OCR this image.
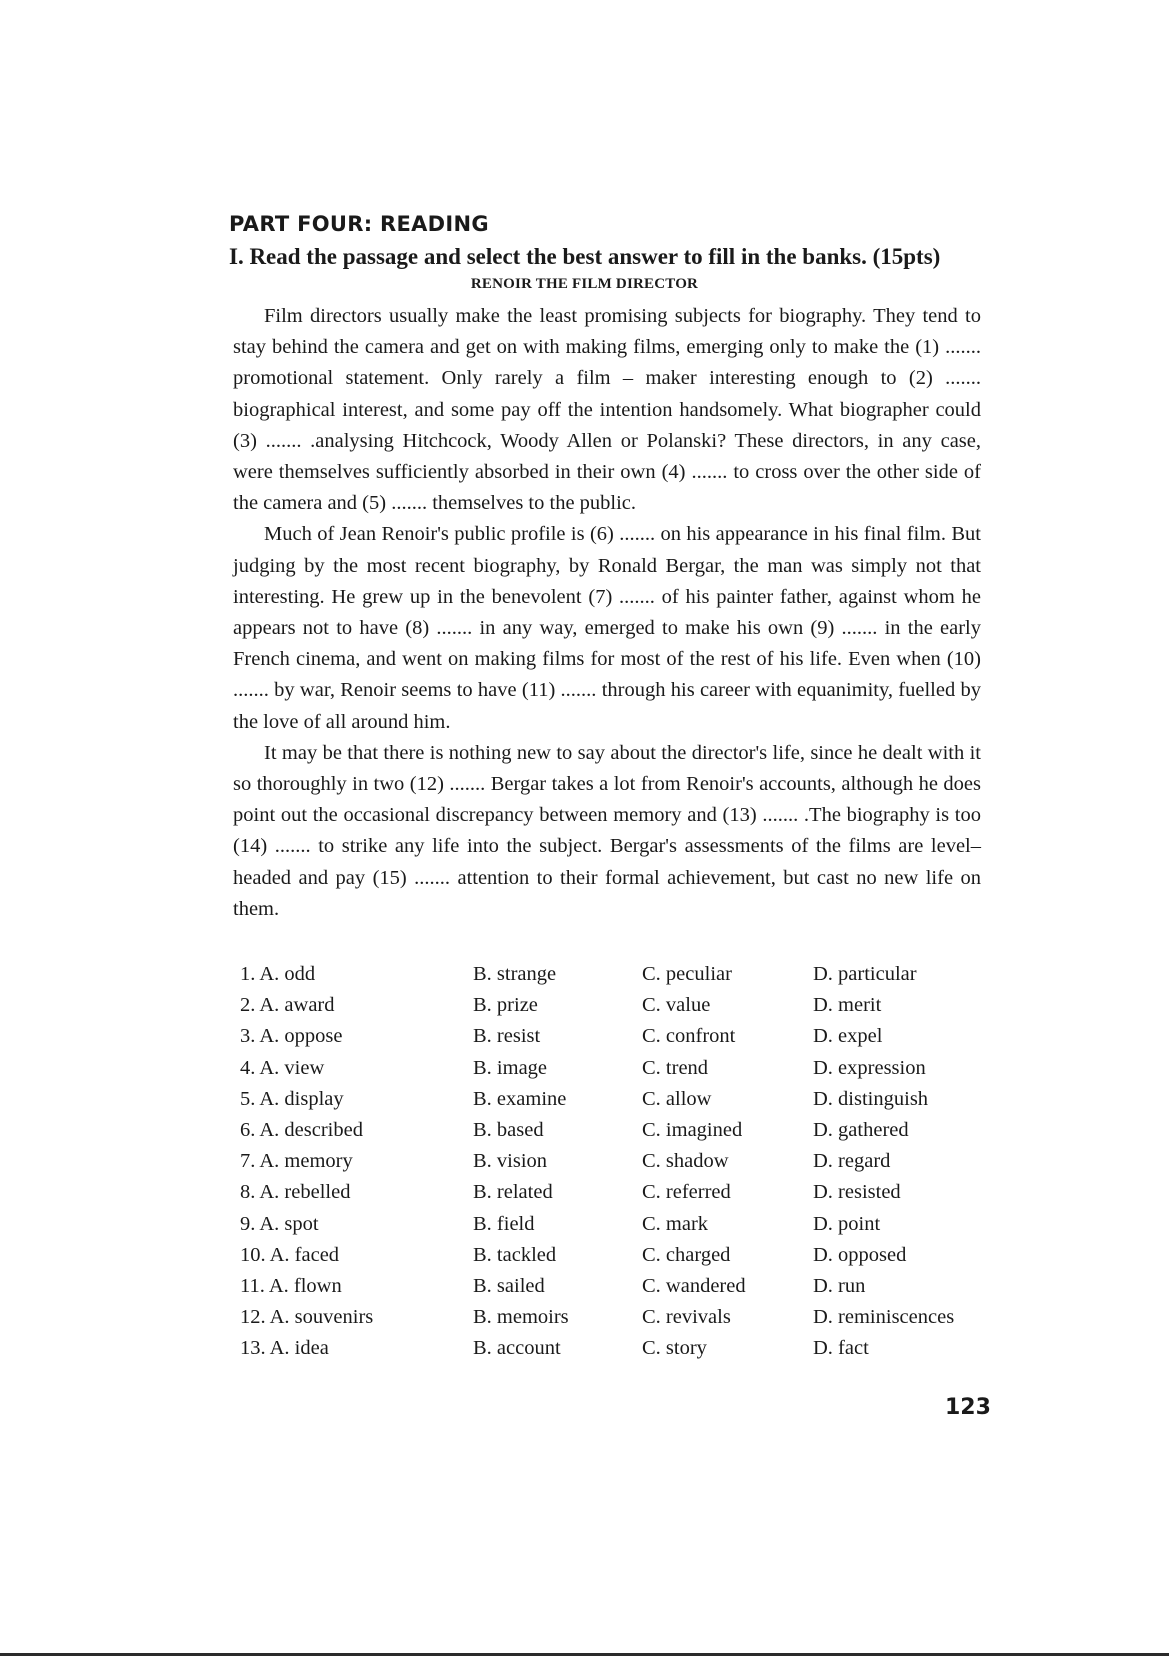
PART FOUR: READING
I. Read the passage and select the best answer to fill in the banks. (15pts)
RENOIR THE FILM DIRECTOR

Film directors usually make the least promising subjects for biography. They tend to stay behind the camera and get on with making films, emerging only to make the (1) ....... promotional statement. Only rarely a film – maker interesting enough to (2) ....... biographical interest, and some pay off the intention handsomely. What biographer could (3) ....... .analysing Hitchcock, Woody Allen or Polanski? These directors, in any case, were themselves sufficiently absorbed in their own (4) ....... to cross over the other side of the camera and (5) ....... themselves to the public.

Much of Jean Renoir's public profile is (6) ....... on his appearance in his final film. But judging by the most recent biography, by Ronald Bergar, the man was simply not that interesting. He grew up in the benevolent (7) ....... of his painter father, against whom he appears not to have (8) ....... in any way, emerged to make his own (9) ....... in the early French cinema, and went on making films for most of the rest of his life. Even when (10) ....... by war, Renoir seems to have (11) ....... through his career with equanimity, fuelled by the love of all around him.

It may be that there is nothing new to say about the director's life, since he dealt with it so thoroughly in two (12) ....... Bergar takes a lot from Renoir's accounts, although he does point out the occasional discrepancy between memory and (13) ....... .The biography is too (14) ....... to strike any life into the subject. Bergar's assessments of the films are level–headed and pay (15) ....... attention to their formal achievement, but cast no new life on them.

1. A. odd	B. strange	C. peculiar	D. particular
2. A. award	B. prize	C. value	D. merit
3. A. oppose	B. resist	C. confront	D. expel
4. A. view	B. image	C. trend	D. expression
5. A. display	B. examine	C. allow	D. distinguish
6. A. described	B. based	C. imagined	D. gathered
7. A. memory	B. vision	C. shadow	D. regard
8. A. rebelled	B. related	C. referred	D. resisted
9. A. spot	B. field	C. mark	D. point
10. A. faced	B. tackled	C. charged	D. opposed
11. A. flown	B. sailed	C. wandered	D. run
12. A. souvenirs	B. memoirs	C. revivals	D. reminiscences
13. A. idea	B. account	C. story	D. fact
123
